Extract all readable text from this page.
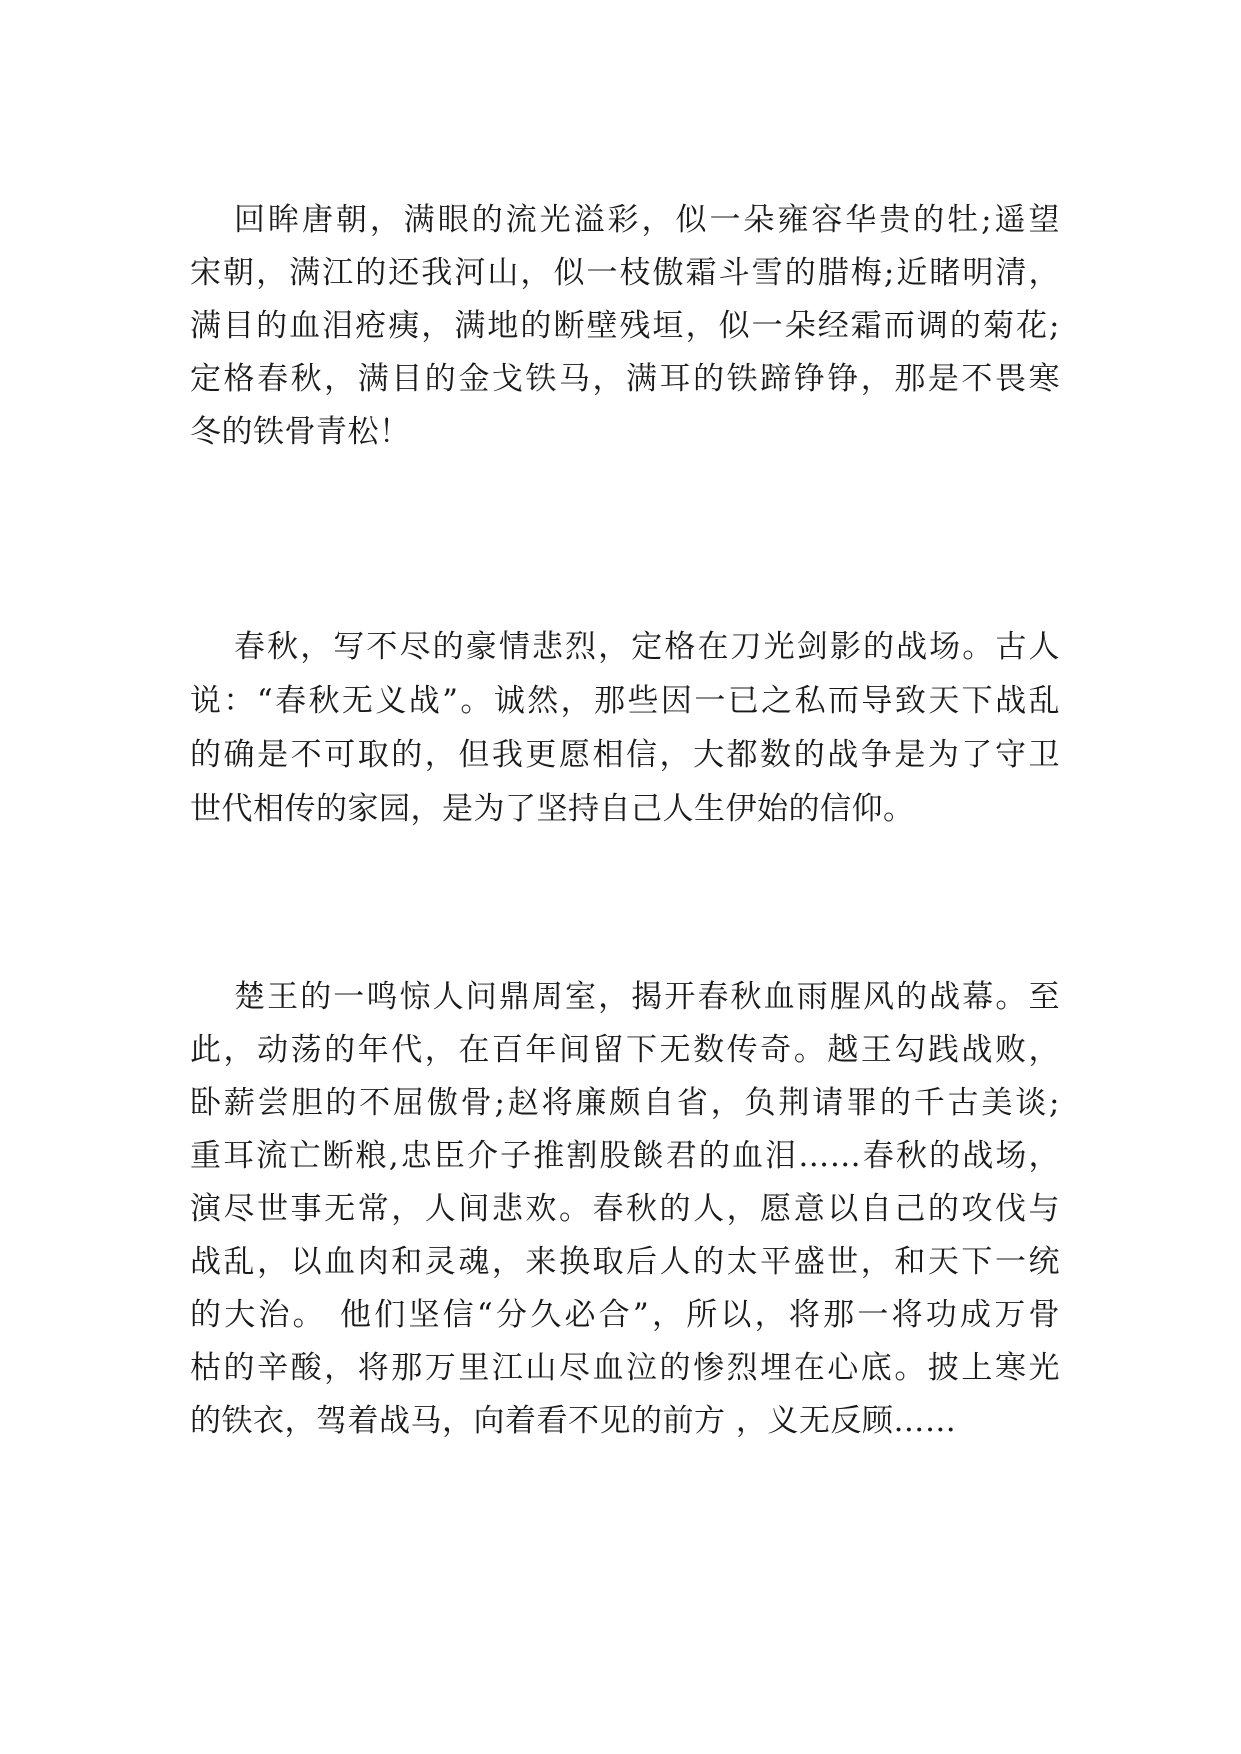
回眸唐朝，满眼的流光溢彩，似一朵雍容华贵的牡;遥望
宋朝，满江的还我河山，似一枝傲霜斗雪的腊梅;近睹明清，
满目的血泪疮痍，满地的断壁残垣，似一朵经霜而调的菊花;
定格春秋，满目的金戈铁马，满耳的铁蹄铮铮，那是不畏寒
冬的铁骨青松！
春秋，写不尽的豪情悲烈，定格在刀光剑影的战场。古人
说：“春秋无义战”。诚然，那些因一已之私而导致天下战乱
的确是不可取的，但我更愿相信，大都数的战争是为了守卫
世代相传的家园，是为了坚持自己人生伊始的信仰。
楚王的一鸣惊人问鼎周室，揭开春秋血雨腥风的战幕。至
此，动荡的年代，在百年间留下无数传奇。越王勾践战败，
卧薪尝胆的不屈傲骨;赵将廉颇自省，负荆请罪的千古美谈;
重耳流亡断粮,忠臣介子推割股餤君的血泪……春秋的战场，
演尽世事无常，人间悲欢。春秋的人，愿意以自己的攻伐与
战乱，以血肉和灵魂，来换取后人的太平盛世，和天下一统
的大治。 他们坚信“分久必合”，所以，将那一将功成万骨
枯的辛酸，将那万里江山尽血泣的惨烈埋在心底。披上寒光
的铁衣，驾着战马，向着看不见的前方 ，义无反顾……
